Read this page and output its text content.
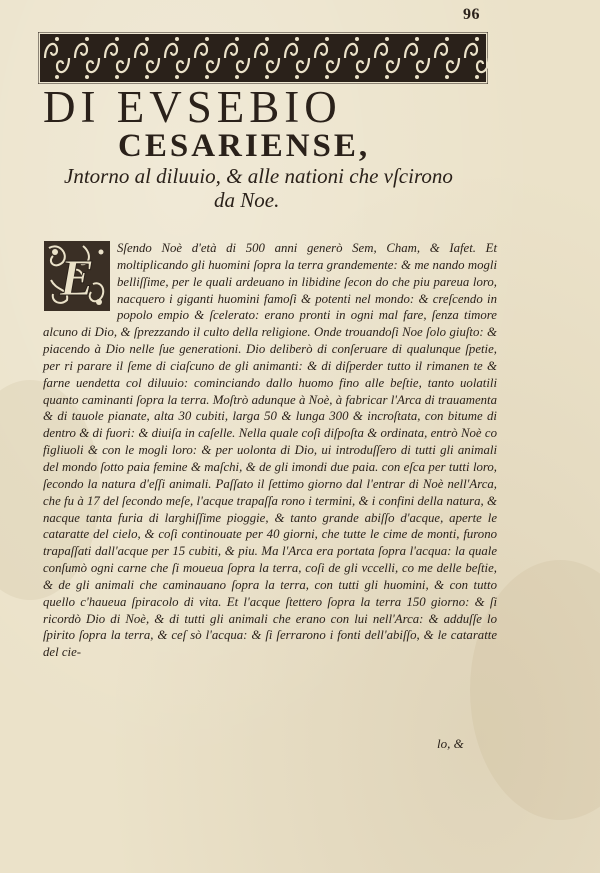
96
DI EVSEBIO
CESARIENSE,
Jntorno al diluuio, & alle nationi che vſcirono
da Noe.
E
Sſendo Noè d'età di 500 anni generò Sem, Cham, & Iafet. Et moltiplicando gli huomini ſopra la terra grandemente: & me nando mogli belliſſime, per le quali ardeuano in libidine ſecon do che piu pareua loro, nacquero i giganti huomini famoſi & potenti nel mondo: & creſcendo in popolo empio & ſcelerato: erano pronti in ogni mal fare, ſenza timore alcuno di Dio, & ſprezzando il culto della religione. Onde trouandoſi Noe ſolo giuſto: & piacendo à Dio nelle ſue generationi. Dio deliberò di conſeruare di qualunque ſpetie, per ri parare il ſeme di ciaſcuno de gli animanti: & di diſperder tutto il rimanen te & farne uendetta col diluuio: cominciando dallo huomo fino alle beſtie, tanto uolatili quanto caminanti ſopra la terra. Moſtrò adunque à Noè, à fabricar l'Arca di trauamenta & di tauole pianate, alta 30 cubiti, larga 50 & lunga 300 & incroſtata, con bitume di dentro & di fuori: & diuiſa in caſelle. Nella quale coſi diſpoſta & ordinata, entrò Noè co figliuoli & con le mogli loro: & per uolonta di Dio, ui introduſſero di tutti gli animali del mondo ſotto paia femine & maſchi, & de gli imondi due paia. con eſca per tutti loro, ſecondo la natura d'eſſi animali. Paſſato il ſettimo giorno dal l'entrar di Noè nell'Arca, che fu à 17 del ſecondo meſe, l'acque trapaſſa rono i termini, & i confini della natura, & nacque tanta furia di larghiſſime pioggie, & tanto grande abiſſo d'acque, aperte le cataratte del cielo, & coſi continouate per 40 giorni, che tutte le cime de monti, furono trapaſſati dall'acque per 15 cubiti, & piu. Ma l'Arca era portata ſopra l'acqua: la quale conſumò ogni carne che ſi moueua ſopra la terra, coſi de gli vccelli, co me delle beſtie, & de gli animali che caminauano ſopra la terra, con tutti gli huomini, & con tutto quello c'haueua ſpiracolo di vita. Et l'acque ſtettero ſopra la terra 150 giorno: & ſi ricordò Dio di Noè, & di tutti gli animali che erano con lui nell'Arca: & adduſſe lo ſpirito ſopra la terra, & ceſ sò l'acqua: & ſi ſerrarono i fonti dell'abiſſo, & le cataratte del cie-
lo, &
